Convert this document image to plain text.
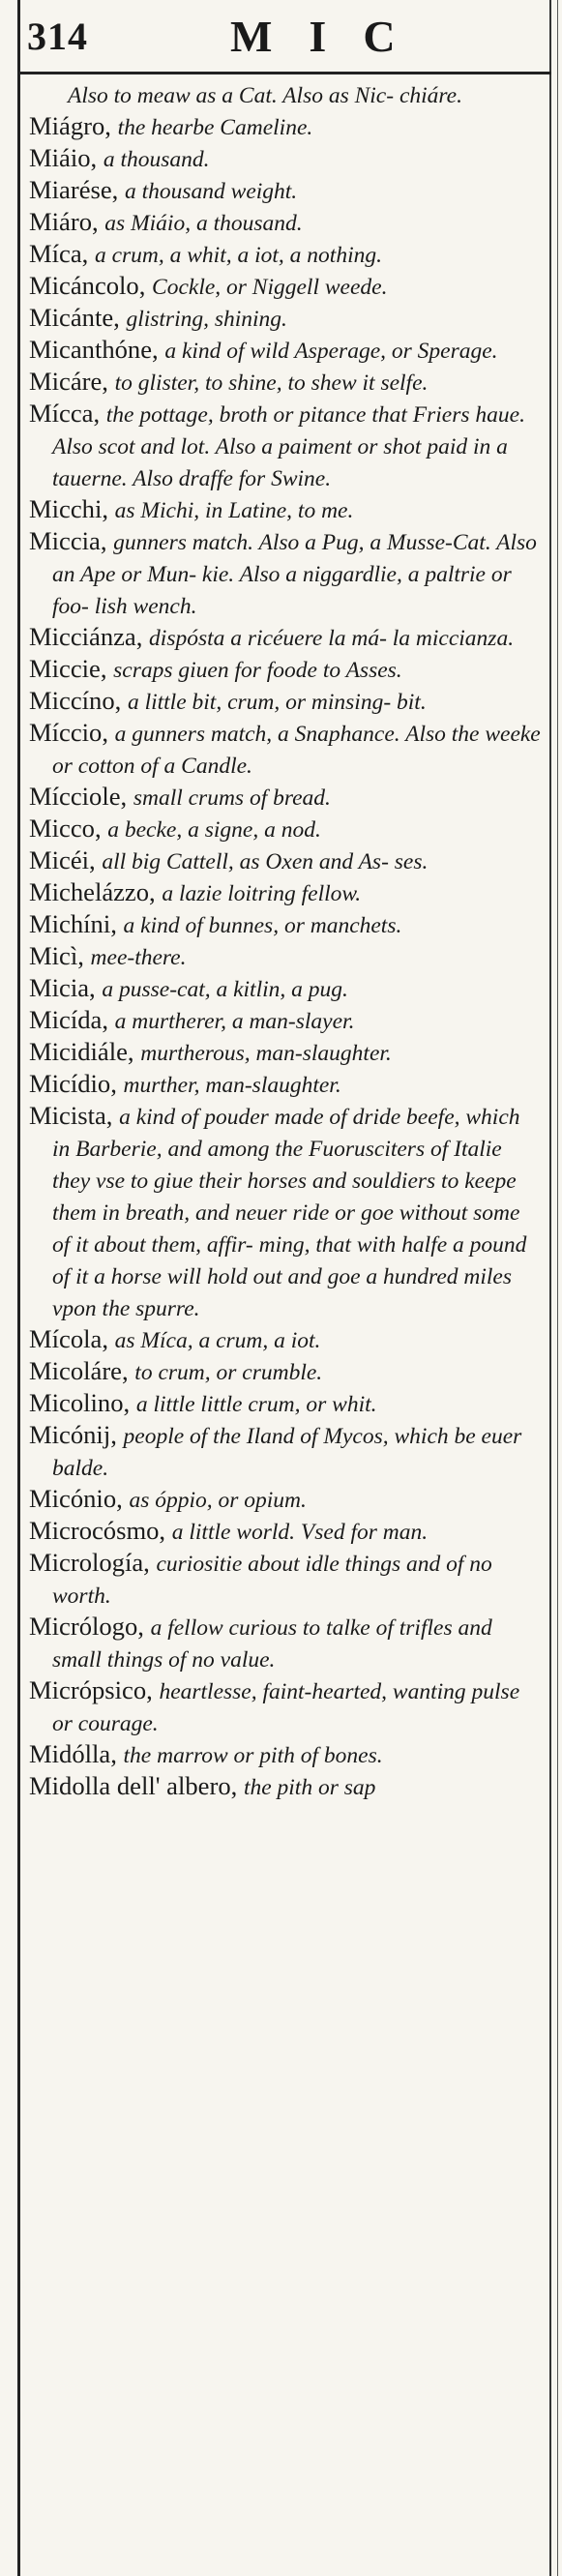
314	MIC

Also to meaw as a Cat. Also as Nic- chiáre.

Miágro, the hearbe Cameline.

Miáio, a thousand.

Miarése, a thousand weight.

Miáro, as Miáio, a thousand.

Míca, a crum, a whit, a iot, a nothing.

Micáncolo, Cockle, or Niggell weede.

Micánte, glistring, shining.

Micanthóne, a kind of wild Asperage, or Sperage.

Micáre, to glister, to shine, to shew it selfe.

Mícca, the pottage, broth or pitance that Friers haue. Also scot and lot. Also a paiment or shot paid in a tauerne. Also draffe for Swine.

Micchi, as Michi, in Latine, to me.

Miccia, gunners match. Also a Pug, a Musse-Cat. Also an Ape or Mun- kie. Also a niggardlie, a paltrie or foo- lish wench.

Micciánza, dispósta a ricéuere la má- la miccianza.

Miccie, scraps giuen for foode to Asses.

Miccíno, a little bit, crum, or minsing- bit.

Míccio, a gunners match, a Snaphance. Also the weeke or cotton of a Candle.

Mícciole, small crums of bread.

Micco, a becke, a signe, a nod.

Micéi, all big Cattell, as Oxen and As- ses.

Michelázzo, a lazie loitring fellow.

Michíni, a kind of bunnes, or manchets.

Micì, mee-there.

Micia, a pusse-cat, a kitlin, a pug.

Micída, a murtherer, a man-slayer.

Micidiále, murtherous, man-slaughter.

Micídio, murther, man-slaughter.

Micista, a kind of pouder made of dride beefe, which in Barberie, and among the Fuorusciters of Italie they vse to giue their horses and souldiers to keepe them in breath, and neuer ride or goe without some of it about them, affir- ming, that with halfe a pound of it a horse will hold out and goe a hundred miles vpon the spurre.

Mícola, as Míca, a crum, a iot.

Micoláre, to crum, or crumble.

Micolino, a little little crum, or whit.

Micónij, people of the Iland of Mycos, which be euer balde.

Micónio, as óppio, or opium.

Microcósmo, a little world. Vsed for man.

Micrología, curiositie about idle things and of no worth.

Micrólogo, a fellow curious to talke of trifles and small things of no value.

Micrópsico, heartlesse, faint-hearted, wanting pulse or courage.

Midólla, the marrow or pith of bones.

Midolla dell' albero, the pith or sap
